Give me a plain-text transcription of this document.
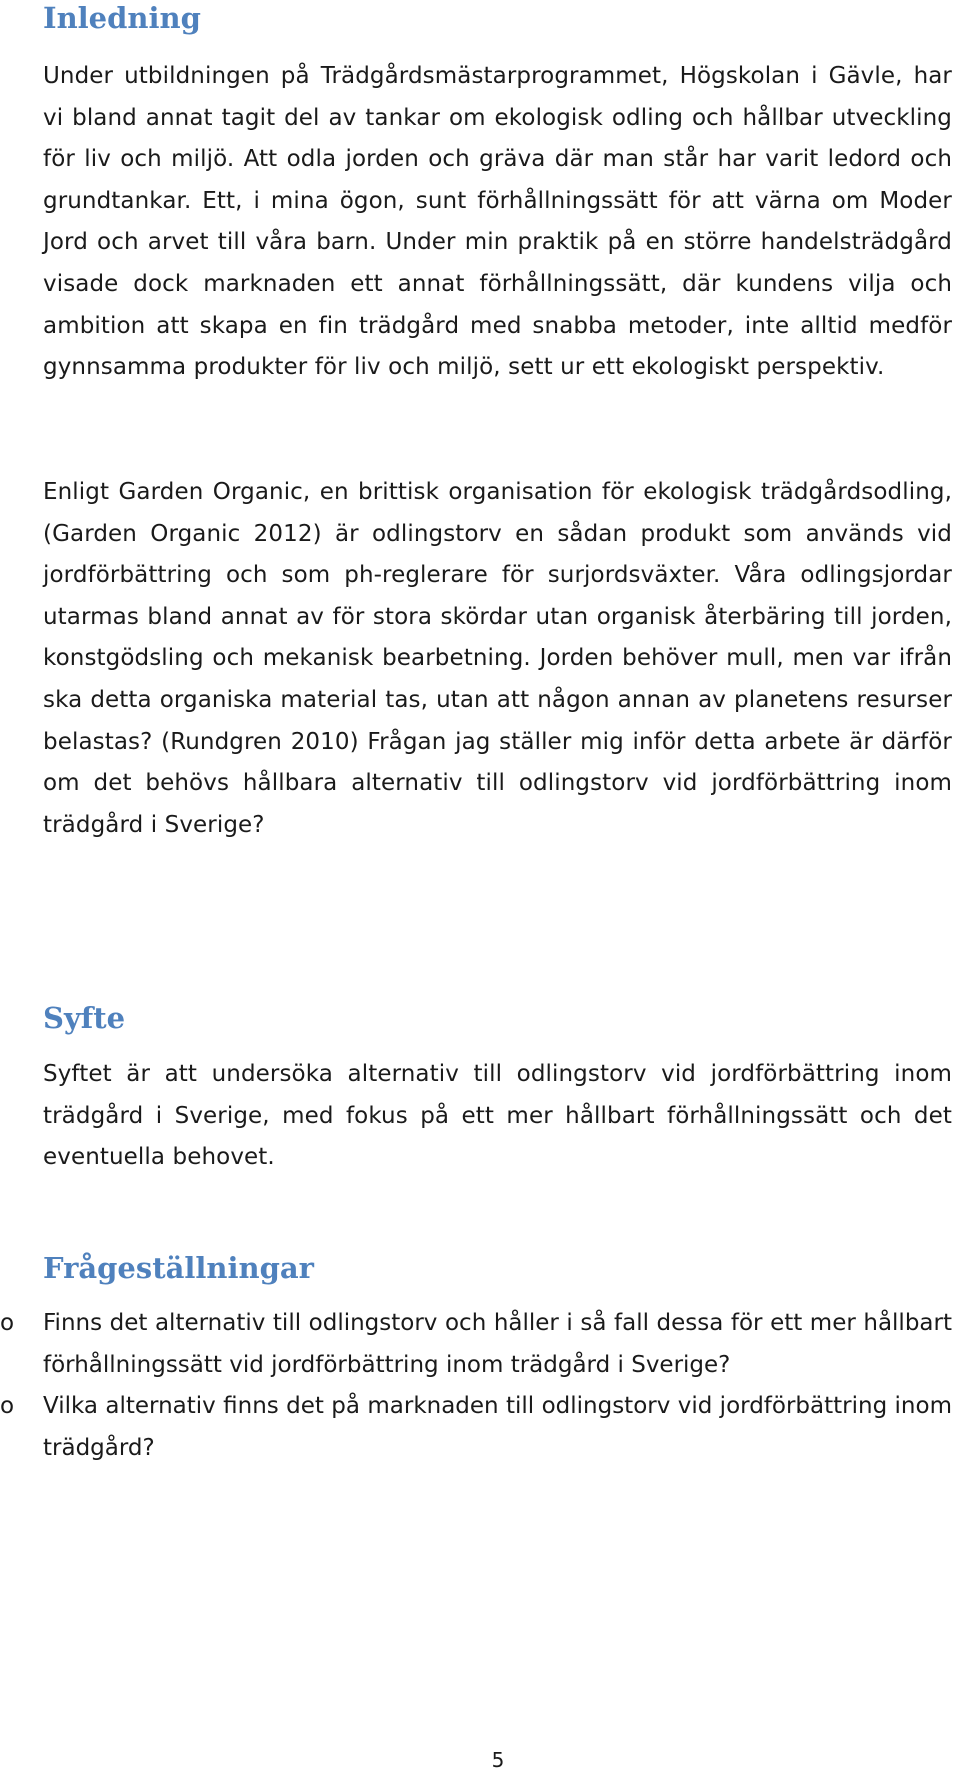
Inledning

Under utbildningen på Trädgårdsmästarprogrammet, Högskolan i Gävle, har vi bland annat tagit del av tankar om ekologisk odling och hållbar utveckling för liv och miljö. Att odla jorden och gräva där man står har varit ledord och grundtankar. Ett, i mina ögon, sunt förhållningssätt för att värna om Moder Jord och arvet till våra barn. Under min praktik på en större handelsträdgård visade dock marknaden ett annat förhållningssätt, där kundens vilja och ambition att skapa en fin trädgård med snabba metoder, inte alltid medför gynnsamma produkter för liv och miljö, sett ur ett ekologiskt perspektiv.

Enligt Garden Organic, en brittisk organisation för ekologisk trädgårdsodling, (Garden Organic 2012) är odlingstorv en sådan produkt som används vid jordförbättring och som ph-reglerare för surjordsväxter. Våra odlingsjordar utarmas bland annat av för stora skördar utan organisk återbäring till jorden, konstgödsling och mekanisk bearbetning. Jorden behöver mull, men var ifrån ska detta organiska material tas, utan att någon annan av planetens resurser belastas? (Rundgren 2010) Frågan jag ställer mig inför detta arbete är därför om det behövs hållbara alternativ till odlingstorv vid jordförbättring inom trädgård i Sverige?

Syfte

Syftet är att undersöka alternativ till odlingstorv vid jordförbättring inom trädgård i Sverige, med fokus på ett mer hållbart förhållningssätt och det eventuella behovet.

Frågeställningar
o Finns det alternativ till odlingstorv och håller i så fall dessa för ett mer hållbart förhållningssätt vid jordförbättring inom trädgård i Sverige?
o Vilka alternativ finns det på marknaden till odlingstorv vid jordförbättring inom trädgård?
5
